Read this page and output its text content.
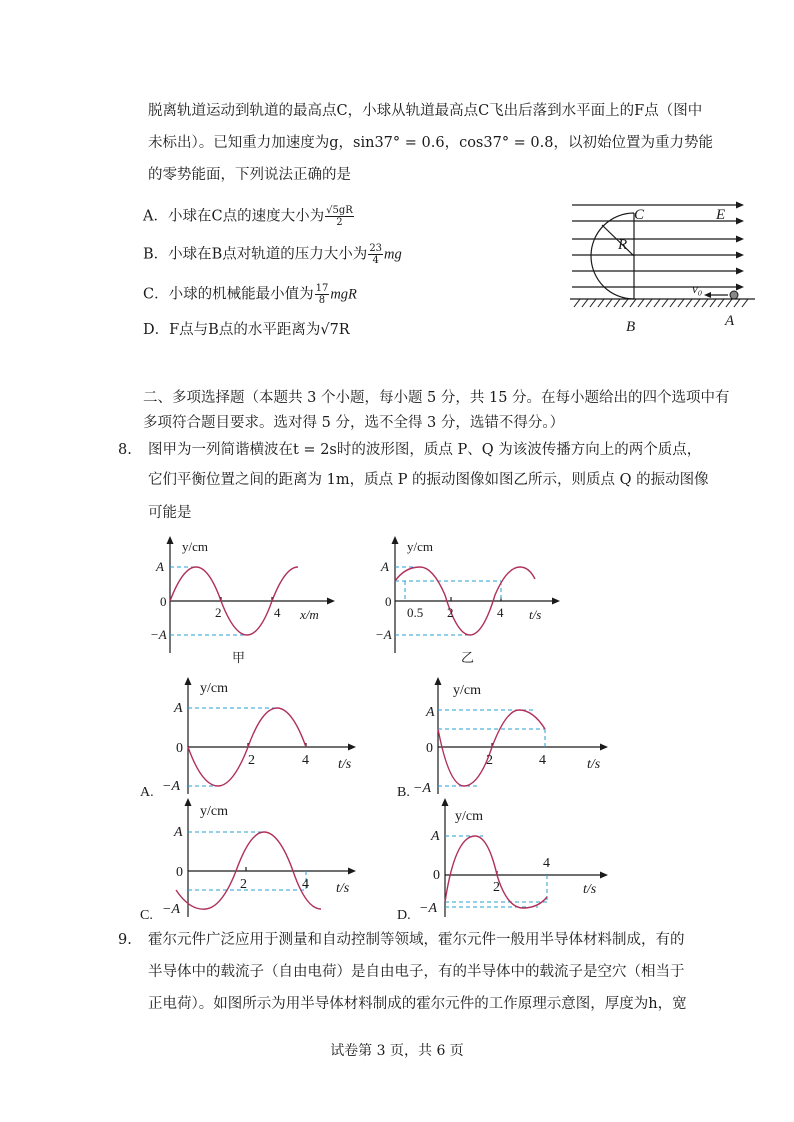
脱离轨道运动到轨道的最高点C，小球从轨道最高点C飞出后落到水平面上的F点（图中
未标出）。已知重力加速度为g，sin37° = 0.6，cos37° = 0.8，以初始位置为重力势能
的零势能面，下列说法正确的是
A．小球在C点的速度大小为 $\frac{√5gR}{2}$
B．小球在B点对轨道的压力大小为 $\frac{23}{4}$ mg
C．小球的机械能最小值为 $\frac{17}{8}$ mgR
D．F点与B点的水平距离为√7R
C	E
R
B	A
v₀
二、多项选择题（本题共 3 个小题，每小题 5 分，共 15 分。在每小题给出的四个选项中有
多项符合题目要求。选对得 5 分，选不全得 3 分，选错不得分。）
8. 图甲为一列简谐横波在t = 2s时的波形图，质点 P、Q 为该波传播方向上的两个质点，
它们平衡位置之间的距离为 1m，质点 P 的振动图像如图乙所示，则质点 Q 的振动图像
可能是
y/cm
A
0
−A
2	4 x/m
甲
y/cm
A
0
−A
0.5 2	4 t/s
乙
y/cm
A
0
−A
2	4 t/s
A.
y/cm
A
0
−A
2	4	t/s
B.
y/cm
A
0
−A
2	4 t/s
C.
y/cm
A
0
−A
2
4
t/s
D.
9. 霍尔元件广泛应用于测量和自动控制等领域，霍尔元件一般用半导体材料制成，有的
半导体中的载流子（自由电荷）是自由电子，有的半导体中的载流子是空穴（相当于
正电荷）。如图所示为用半导体材料制成的霍尔元件的工作原理示意图，厚度为h，宽
试卷第 3 页，共 6 页
